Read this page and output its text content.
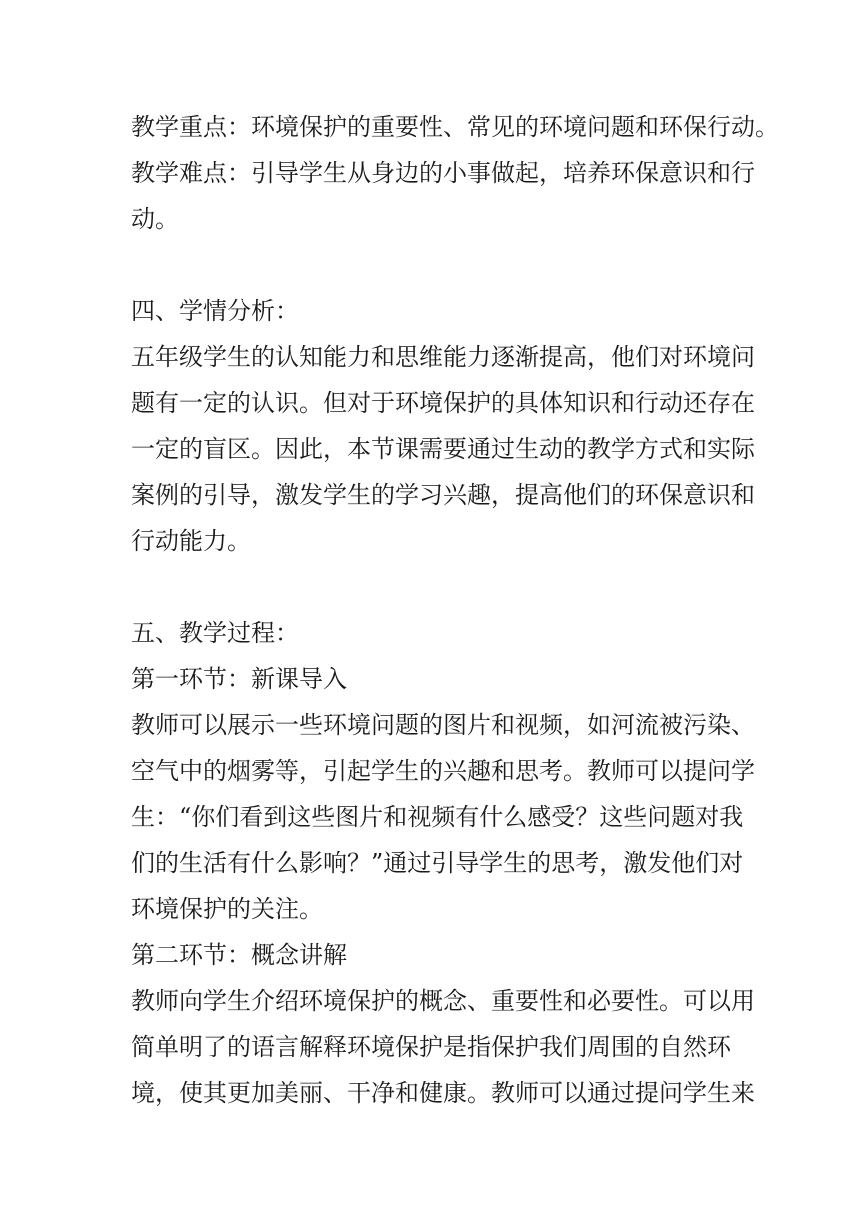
教学重点：环境保护的重要性、常见的环境问题和环保行动。

教学难点：引导学生从身边的小事做起，培养环保意识和行

动。

四、学情分析：

五年级学生的认知能力和思维能力逐渐提高，他们对环境问

题有一定的认识。但对于环境保护的具体知识和行动还存在

一定的盲区。因此，本节课需要通过生动的教学方式和实际

案例的引导，激发学生的学习兴趣，提高他们的环保意识和

行动能力。

五、教学过程：

第一环节：新课导入

教师可以展示一些环境问题的图片和视频，如河流被污染、

空气中的烟雾等，引起学生的兴趣和思考。教师可以提问学

生：“你们看到这些图片和视频有什么感受？这些问题对我

们的生活有什么影响？”通过引导学生的思考，激发他们对

环境保护的关注。

第二环节：概念讲解

教师向学生介绍环境保护的概念、重要性和必要性。可以用

简单明了的语言解释环境保护是指保护我们周围的自然环

境，使其更加美丽、干净和健康。教师可以通过提问学生来
